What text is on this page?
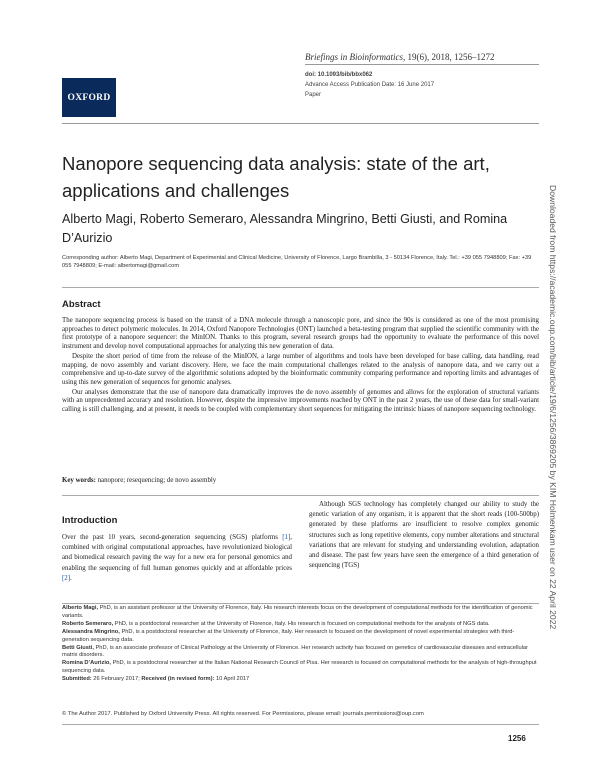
OXFORD
Briefings in Bioinformatics, 19(6), 2018, 1256–1272
doi: 10.1093/bib/bbx062
Advance Access Publication Date: 16 June 2017
Paper
Nanopore sequencing data analysis: state of the art, applications and challenges
Alberto Magi, Roberto Semeraro, Alessandra Mingrino, Betti Giusti, and Romina D’Aurizio
Corresponding author: Alberto Magi, Department of Experimental and Clinical Medicine, University of Florence, Largo Brambilla, 3 - 50134 Florence, Italy. Tel.: +39 055 7948809; Fax: +39 055 7948809; E-mail: albertomagi@gmail.com
Abstract

The nanopore sequencing process is based on the transit of a DNA molecule through a nanoscopic pore, and since the 90s is considered as one of the most promising approaches to detect polymeric molecules. In 2014, Oxford Nanopore Technologies (ONT) launched a beta-testing program that supplied the scientific community with the first prototype of a nanopore sequencer: the MinION. Thanks to this program, several research groups had the opportunity to evaluate the performance of this novel instrument and develop novel computational approaches for analyzing this new generation of data.

Despite the short period of time from the release of the MinION, a large number of algorithms and tools have been developed for base calling, data handling, read mapping, de novo assembly and variant discovery. Here, we face the main computational challenges related to the analysis of nanopore data, and we carry out a comprehensive and up-to-date survey of the algorithmic solutions adopted by the bioinformatic community comparing performance and reporting limits and advantages of using this new generation of sequences for genomic analyses.

Our analyses demonstrate that the use of nanopore data dramatically improves the de novo assembly of genomes and allows for the exploration of structural variants with an unprecedented accuracy and resolution. However, despite the impressive improvements reached by ONT in the past 2 years, the use of these data for small-variant calling is still challenging, and at present, it needs to be coupled with complementary short sequences for mitigating the intrinsic biases of nanopore sequencing technology.

Key words: nanopore; resequencing; de novo assembly
Introduction
Over the past 10 years, second-generation sequencing (SGS) platforms [1], combined with original computational approaches, have revolutionized biological and biomedical research paving the way for a new era for personal genomics and enabling the sequencing of full human genomes quickly and at affordable prices [2].
Although SGS technology has completely changed our ability to study the genetic variation of any organism, it is apparent that the short reads (100-500bp) generated by these platforms are insufficient to resolve complex genomic structures such as long repetitive elements, copy number alterations and structural variations that are relevant for studying and understanding evolution, adaptation and disease. The past few years have seen the emergence of a third generation of sequencing (TGS)

Alberto Magi, PhD, is an assistant professor at the University of Florence, Italy. His research interests focus on the development of computational methods for the identification of genomic variants.

Roberto Semeraro, PhD, is a postdoctoral researcher at the University of Florence, Italy. His research is focused on computational methods for the analysis of NGS data.

Alessandra Mingrino, PhD, is a postdoctoral researcher at the University of Florence, Italy. Her research is focused on the development of novel experimental strategies with third-generation sequencing data.

Betti Giusti, PhD, is an associate professor of Clinical Pathology at the University of Florence. Her research activity has focused on genetics of cardiovascular diseases and extracellular matrix disorders.

Romina D’Aurizio, PhD, is a postdoctoral researcher at the Italian National Research Council of Pisa. Her research is focused on computational methods for the analysis of high-throughput sequencing data.

Submitted: 26 February 2017; Received (in revised form): 10 April 2017

© The Author 2017. Published by Oxford University Press. All rights reserved. For Permissions, please email: journals.permissions@oup.com
1256
Downloaded from https://academic.oup.com/bib/article/19/6/1256/3869205 by KIM Holmenkam user on 22 April 2022
